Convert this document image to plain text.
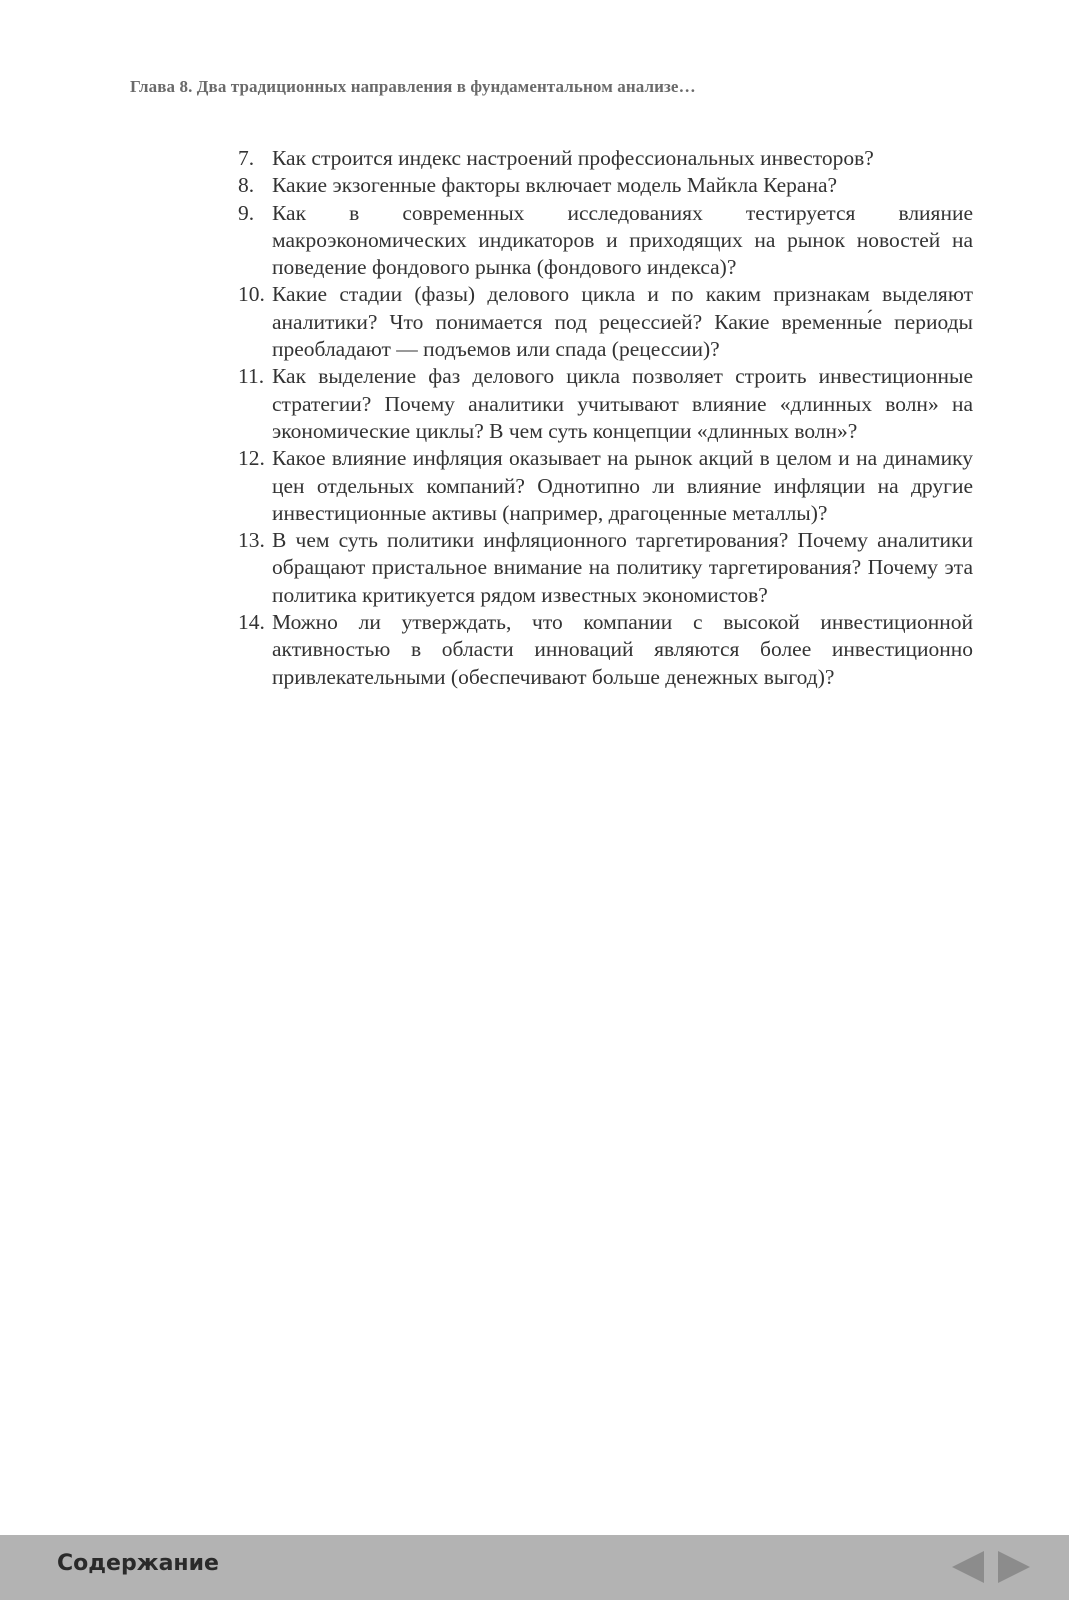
Глава 8. Два традиционных направления в фундаментальном анализе…
7. Как строится индекс настроений профессиональных инвесторов?
8. Какие экзогенные факторы включает модель Майкла Керана?
9. Как в современных исследованиях тестируется влияние макроэкономических индикаторов и приходящих на рынок новостей на поведение фондового рынка (фондового индекса)?
10. Какие стадии (фазы) делового цикла и по каким признакам выделяют аналитики? Что понимается под рецессией? Какие временны́е периоды преобладают — подъемов или спада (рецессии)?
11. Как выделение фаз делового цикла позволяет строить инвестиционные стратегии? Почему аналитики учитывают влияние «длинных волн» на экономические циклы? В чем суть концепции «длинных волн»?
12. Какое влияние инфляция оказывает на рынок акций в целом и на динамику цен отдельных компаний? Однотипно ли влияние инфляции на другие инвестиционные активы (например, драгоценные металлы)?
13. В чем суть политики инфляционного таргетирования? Почему аналитики обращают пристальное внимание на политику таргетирования? Почему эта политика критикуется рядом известных экономистов?
14. Можно ли утверждать, что компании с высокой инвестиционной активностью в области инноваций являются более инвестиционно привлекательными (обеспечивают больше денежных выгод)?
Содержание
